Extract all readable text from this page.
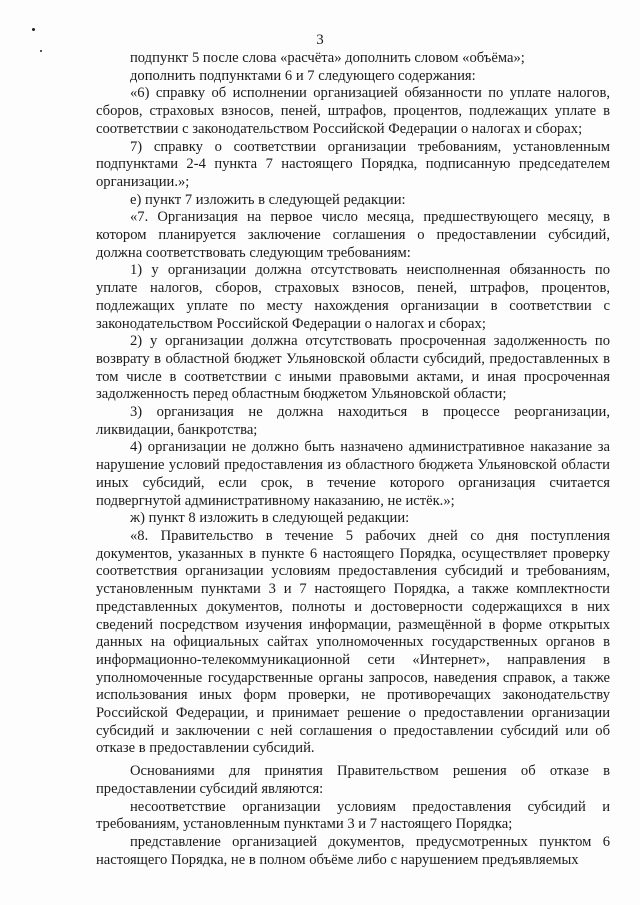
3

подпункт 5 после слова «расчёта» дополнить словом «объёма»;

дополнить подпунктами 6 и 7 следующего содержания:

«6) справку об исполнении организацией обязанности по уплате налогов, сборов, страховых взносов, пеней, штрафов, процентов, подлежащих уплате в соответствии с законодательством Российской Федерации о налогах и сборах;

7) справку о соответствии организации требованиям, установленным подпунктами 2-4 пункта 7 настоящего Порядка, подписанную председателем организации.»;

е) пункт 7 изложить в следующей редакции:

«7. Организация на первое число месяца, предшествующего месяцу, в котором планируется заключение соглашения о предоставлении субсидий, должна соответствовать следующим требованиям:

1) у организации должна отсутствовать неисполненная обязанность по уплате налогов, сборов, страховых взносов, пеней, штрафов, процентов, подлежащих уплате по месту нахождения организации в соответствии с законодательством Российской Федерации о налогах и сборах;

2) у организации должна отсутствовать просроченная задолженность по возврату в областной бюджет Ульяновской области субсидий, предоставленных в том числе в соответствии с иными правовыми актами, и иная просроченная задолженность перед областным бюджетом Ульяновской области;

3) организация не должна находиться в процессе реорганизации, ликвидации, банкротства;

4) организации не должно быть назначено административное наказание за нарушение условий предоставления из областного бюджета Ульяновской области иных субсидий, если срок, в течение которого организация считается подвергнутой административному наказанию, не истёк.»;

ж) пункт 8 изложить в следующей редакции:

«8. Правительство в течение 5 рабочих дней со дня поступления документов, указанных в пункте 6 настоящего Порядка, осуществляет проверку соответствия организации условиям предоставления субсидий и требованиям, установленным пунктами 3 и 7 настоящего Порядка, а также комплектности представленных документов, полноты и достоверности содержащихся в них сведений посредством изучения информации, размещённой в форме открытых данных на официальных сайтах уполномоченных государственных органов в информационно-телекоммуникационной сети «Интернет», направления в уполномоченные государственные органы запросов, наведения справок, а также использования иных форм проверки, не противоречащих законодательству Российской Федерации, и принимает решение о предоставлении организации субсидий и заключении с ней соглашения о предоставлении субсидий или об отказе в предоставлении субсидий.

Основаниями для принятия Правительством решения об отказе в предоставлении субсидий являются:

несоответствие организации условиям предоставления субсидий и требованиям, установленным пунктами 3 и 7 настоящего Порядка;

представление организацией документов, предусмотренных пунктом 6 настоящего Порядка, не в полном объёме либо с нарушением предъявляемых
